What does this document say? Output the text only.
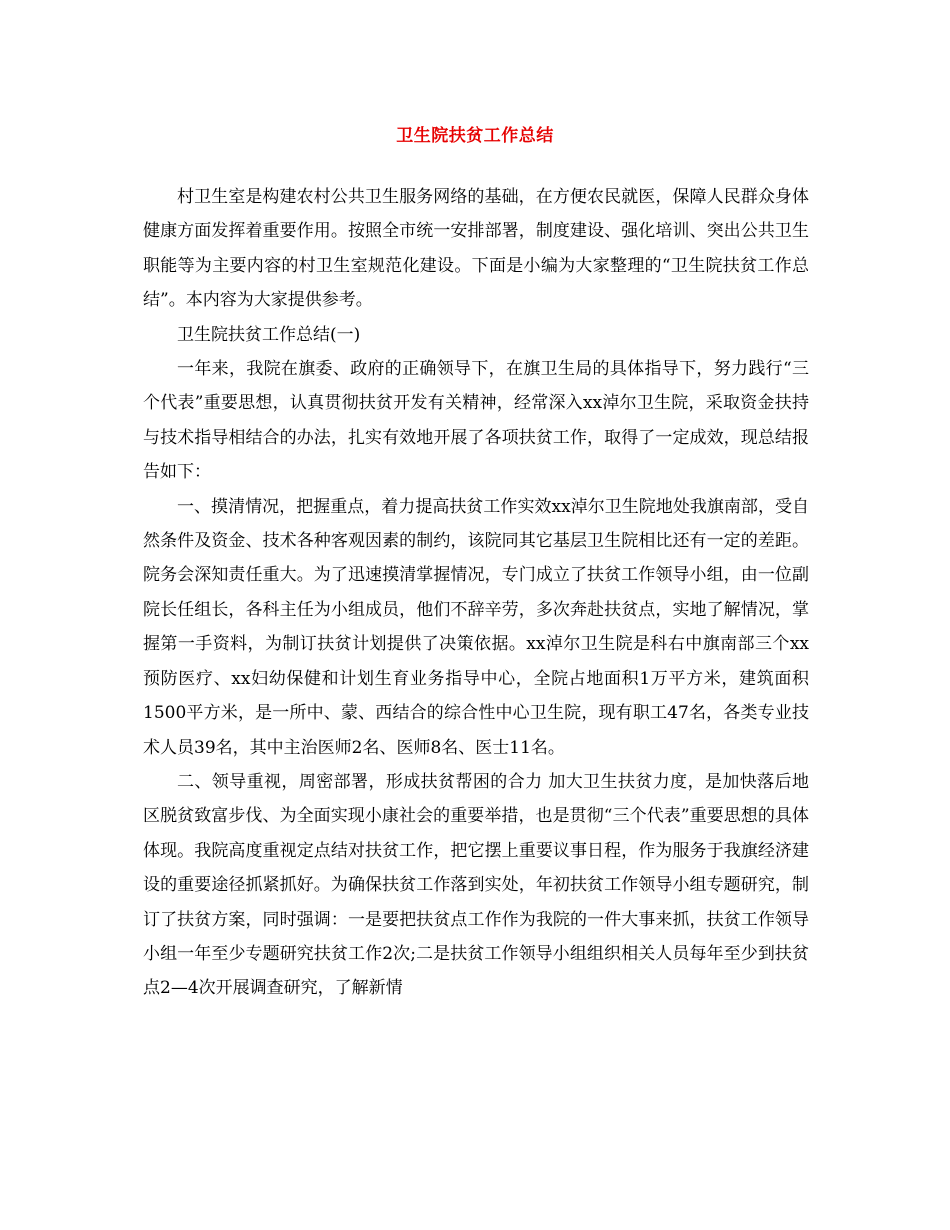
卫生院扶贫工作总结

村卫生室是构建农村公共卫生服务网络的基础，在方便农民就医，保障人民群众身体健康方面发挥着重要作用。按照全市统一安排部署，制度建设、强化培训、突出公共卫生职能等为主要内容的村卫生室规范化建设。下面是小编为大家整理的“卫生院扶贫工作总结”。本内容为大家提供参考。

卫生院扶贫工作总结(一)

一年来，我院在旗委、政府的正确领导下，在旗卫生局的具体指导下，努力践行“三个代表”重要思想，认真贯彻扶贫开发有关精神，经常深入xx淖尔卫生院，采取资金扶持与技术指导相结合的办法，扎实有效地开展了各项扶贫工作，取得了一定成效，现总结报告如下：

一、摸清情况，把握重点，着力提高扶贫工作实效xx淖尔卫生院地处我旗南部，受自然条件及资金、技术各种客观因素的制约，该院同其它基层卫生院相比还有一定的差距。院务会深知责任重大。为了迅速摸清掌握情况，专门成立了扶贫工作领导小组，由一位副院长任组长，各科主任为小组成员，他们不辞辛劳，多次奔赴扶贫点，实地了解情况，掌握第一手资料，为制订扶贫计划提供了决策依据。xx淖尔卫生院是科右中旗南部三个xx预防医疗、xx妇幼保健和计划生育业务指导中心，全院占地面积1万平方米，建筑面积1500平方米，是一所中、蒙、西结合的综合性中心卫生院，现有职工47名，各类专业技术人员39名，其中主治医师2名、医师8名、医士11名。

二、领导重视，周密部署，形成扶贫帮困的合力 加大卫生扶贫力度，是加快落后地区脱贫致富步伐、为全面实现小康社会的重要举措，也是贯彻“三个代表”重要思想的具体体现。我院高度重视定点结对扶贫工作，把它摆上重要议事日程，作为服务于我旗经济建设的重要途径抓紧抓好。为确保扶贫工作落到实处，年初扶贫工作领导小组专题研究，制订了扶贫方案，同时强调：一是要把扶贫点工作作为我院的一件大事来抓，扶贫工作领导小组一年至少专题研究扶贫工作2次;二是扶贫工作领导小组组织相关人员每年至少到扶贫点2—4次开展调查研究，了解新情
